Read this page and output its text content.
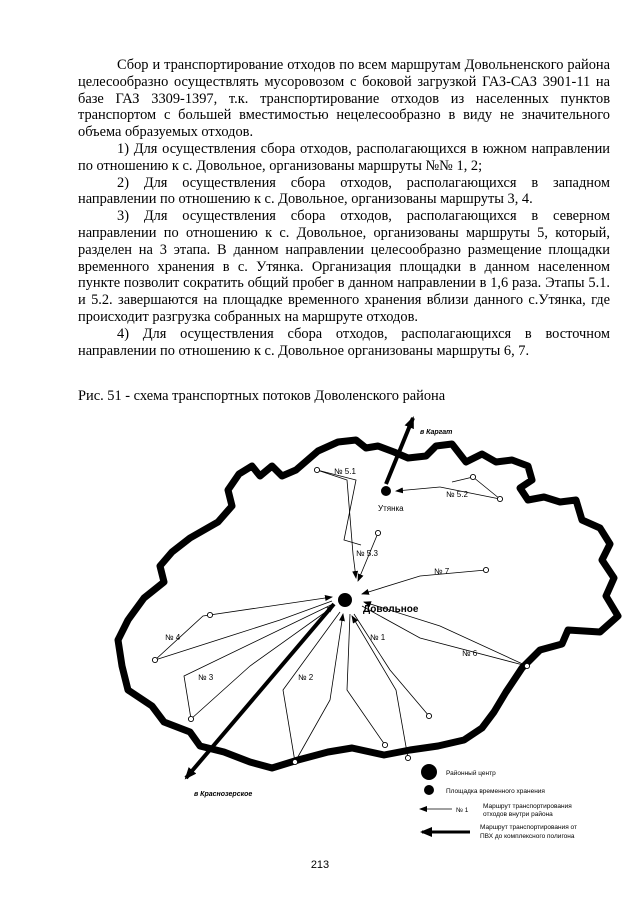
Сбор и транспортирование отходов по всем маршрутам Довольненского района целесообразно осуществлять мусоровозом с боковой загрузкой ГАЗ-САЗ 3901-11 на базе ГАЗ 3309-1397, т.к. транспортирование отходов из населенных пунктов транспортом с большей вместимостью нецелесообразно в виду не значительного объема образуемых отходов.

1) Для осуществления сбора отходов, располагающихся в южном направлении по отношению к с. Довольное, организованы маршруты №№ 1, 2;

2) Для осуществления сбора отходов, располагающихся в западном направлении по отношению к с. Довольное, организованы маршруты 3, 4.

3) Для осуществления сбора отходов, располагающихся в северном направлении по отношению к с. Довольное, организованы маршруты 5, который, разделен на 3 этапа. В данном направлении целесообразно размещение площадки временного хранения в с. Утянка. Организация площадки в данном населенном пункте позволит сократить общий пробег в данном направлении в 1,6 раза. Этапы 5.1. и 5.2. завершаются на площадке временного хранения вблизи данного с.Утянка, где происходит разгрузка собранных на маршруте отходов.

4) Для осуществления сбора отходов, располагающихся в восточном направлении по отношению к с. Довольное организованы маршруты 6, 7.

Рис. 51 - схема транспортных потоков Доволенского района
Довольное
Утянка
в Каргат
в Краснозерское
№ 5.1
№ 5.2
№ 5.3
№ 7
№ 6
№ 4
№ 3	№ 2
№ 1
Районный центр
Площадка временного хранения
№ 1
Маршрут транспортирования
отходов внутри района
Маршрут транспортирования от
ПВХ до комплексного полигона
213
